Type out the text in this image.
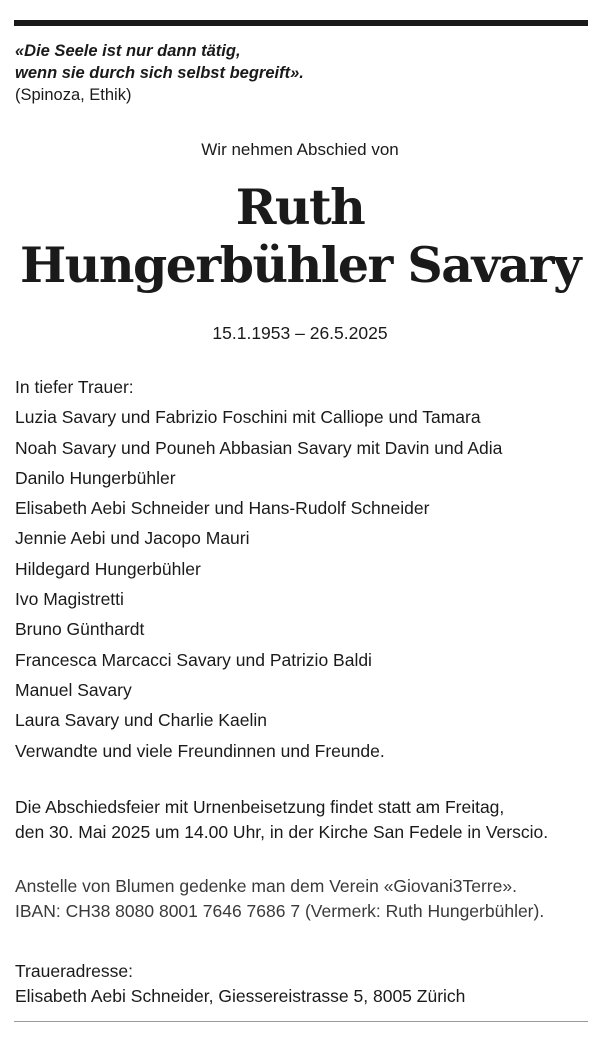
«Die Seele ist nur dann tätig,
wenn sie durch sich selbst begreift».
(Spinoza, Ethik)
Wir nehmen Abschied von
Ruth
Hungerbühler Savary
15.1.1953 – 26.5.2025
In tiefer Trauer:
Luzia Savary und Fabrizio Foschini mit Calliope und Tamara
Noah Savary und Pouneh Abbasian Savary mit Davin und Adia
Danilo Hungerbühler
Elisabeth Aebi Schneider und Hans-Rudolf Schneider
Jennie Aebi und Jacopo Mauri
Hildegard Hungerbühler
Ivo Magistretti
Bruno Günthardt
Francesca Marcacci Savary und Patrizio Baldi
Manuel Savary
Laura Savary und Charlie Kaelin
Verwandte und viele Freundinnen und Freunde.
Die Abschiedsfeier mit Urnenbeisetzung findet statt am Freitag,
den 30. Mai 2025 um 14.00 Uhr, in der Kirche San Fedele in Verscio.
Anstelle von Blumen gedenke man dem Verein «Giovani3Terre».
IBAN: CH38 8080 8001 7646 7686 7 (Vermerk: Ruth Hungerbühler).
Traueradresse:
Elisabeth Aebi Schneider, Giessereistrasse 5, 8005 Zürich
